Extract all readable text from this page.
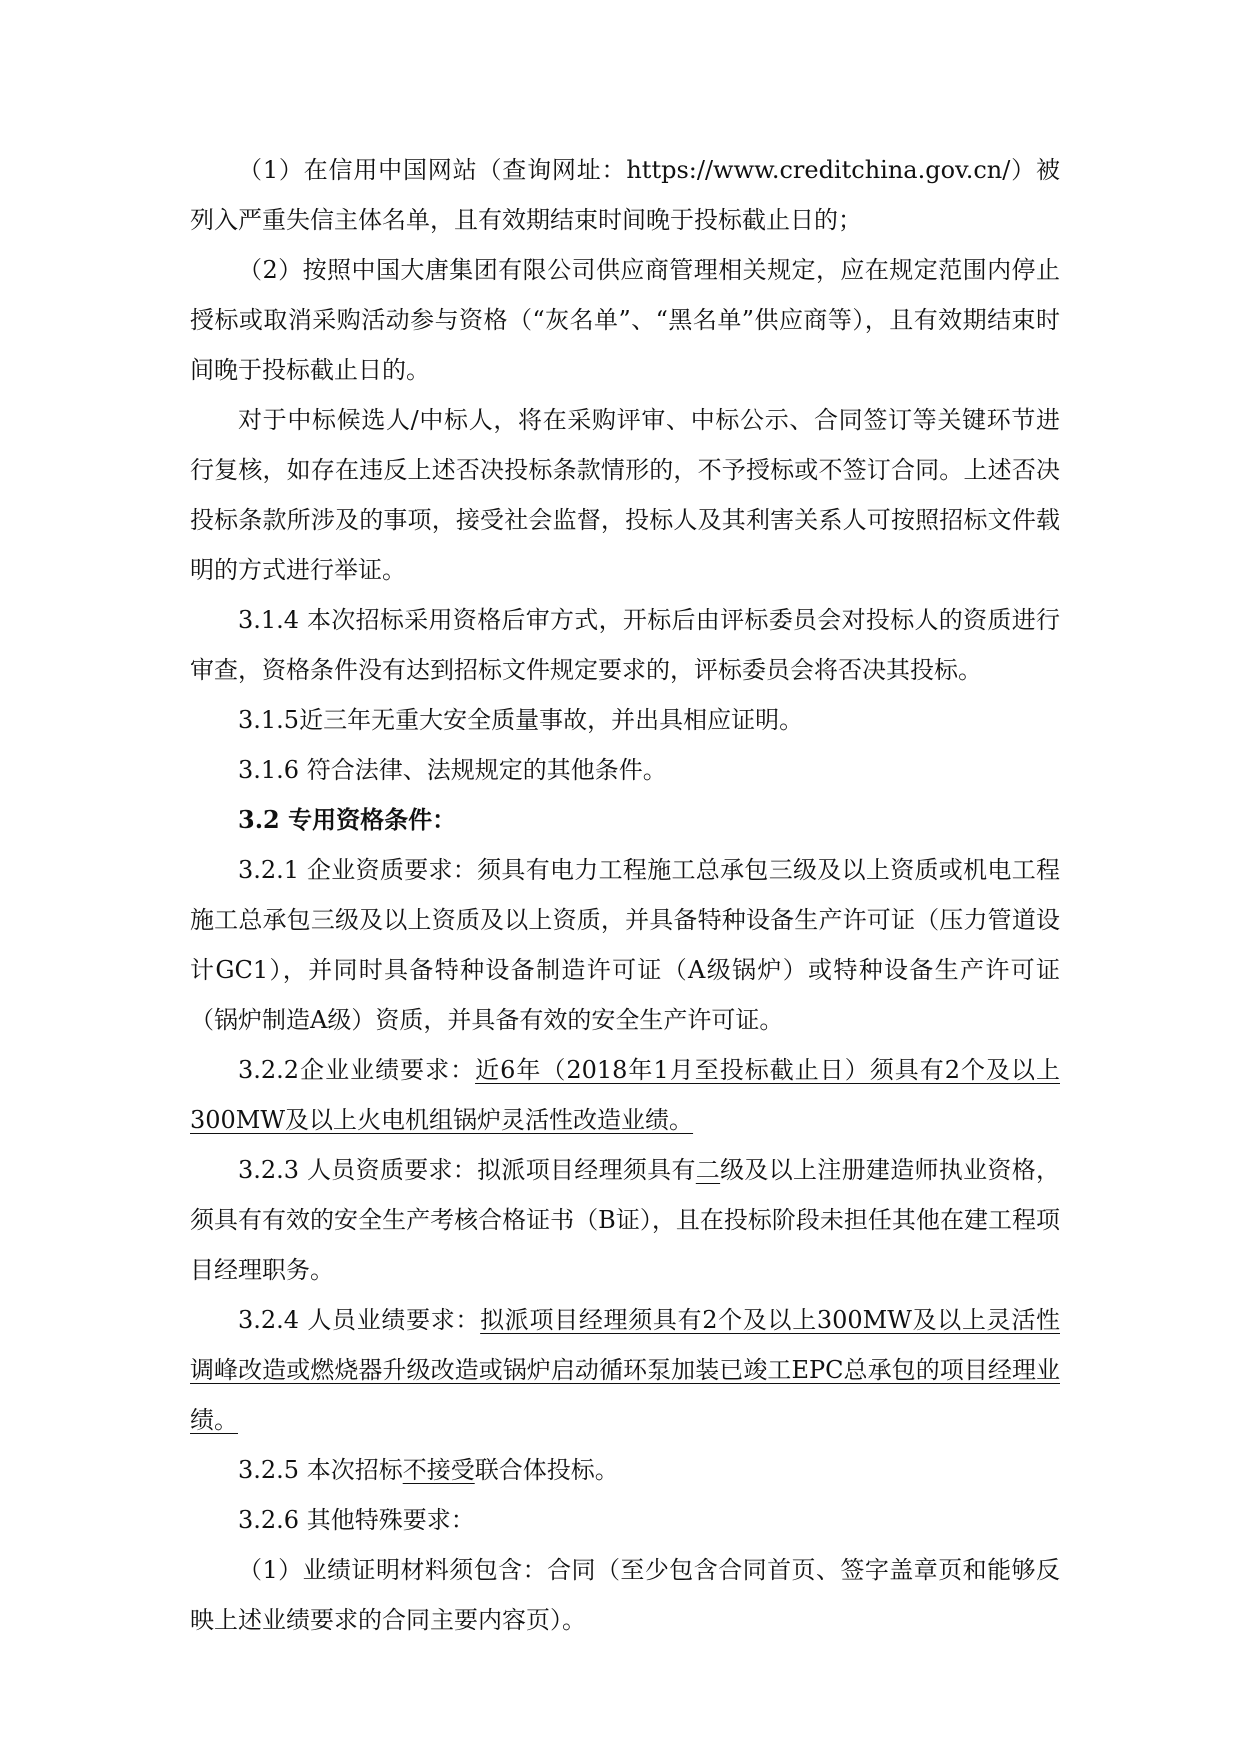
（1）在信用中国网站（查询网址：https://www.creditchina.gov.cn/）被列入严重失信主体名单，且有效期结束时间晚于投标截止日的；

（2）按照中国大唐集团有限公司供应商管理相关规定，应在规定范围内停止授标或取消采购活动参与资格（“灰名单”、“黑名单”供应商等），且有效期结束时间晚于投标截止日的。

对于中标候选人/中标人，将在采购评审、中标公示、合同签订等关键环节进行复核，如存在违反上述否决投标条款情形的，不予授标或不签订合同。上述否决投标条款所涉及的事项，接受社会监督，投标人及其利害关系人可按照招标文件载明的方式进行举证。

3.1.4 本次招标采用资格后审方式，开标后由评标委员会对投标人的资质进行审查，资格条件没有达到招标文件规定要求的，评标委员会将否决其投标。

3.1.5近三年无重大安全质量事故，并出具相应证明。

3.1.6 符合法律、法规规定的其他条件。

3.2 专用资格条件：

3.2.1 企业资质要求：须具有电力工程施工总承包三级及以上资质或机电工程施工总承包三级及以上资质及以上资质，并具备特种设备生产许可证（压力管道设计GC1），并同时具备特种设备制造许可证（A级锅炉）或特种设备生产许可证（锅炉制造A级）资质，并具备有效的安全生产许可证。

3.2.2企业业绩要求：近6年（2018年1月至投标截止日）须具有2个及以上300MW及以上火电机组锅炉灵活性改造业绩。

3.2.3 人员资质要求：拟派项目经理须具有二级及以上注册建造师执业资格，须具有有效的安全生产考核合格证书（B证），且在投标阶段未担任其他在建工程项目经理职务。

3.2.4 人员业绩要求：拟派项目经理须具有2个及以上300MW及以上灵活性调峰改造或燃烧器升级改造或锅炉启动循环泵加装已竣工EPC总承包的项目经理业绩。

3.2.5 本次招标不接受联合体投标。

3.2.6 其他特殊要求：

（1）业绩证明材料须包含：合同（至少包含合同首页、签字盖章页和能够反映上述业绩要求的合同主要内容页）。
